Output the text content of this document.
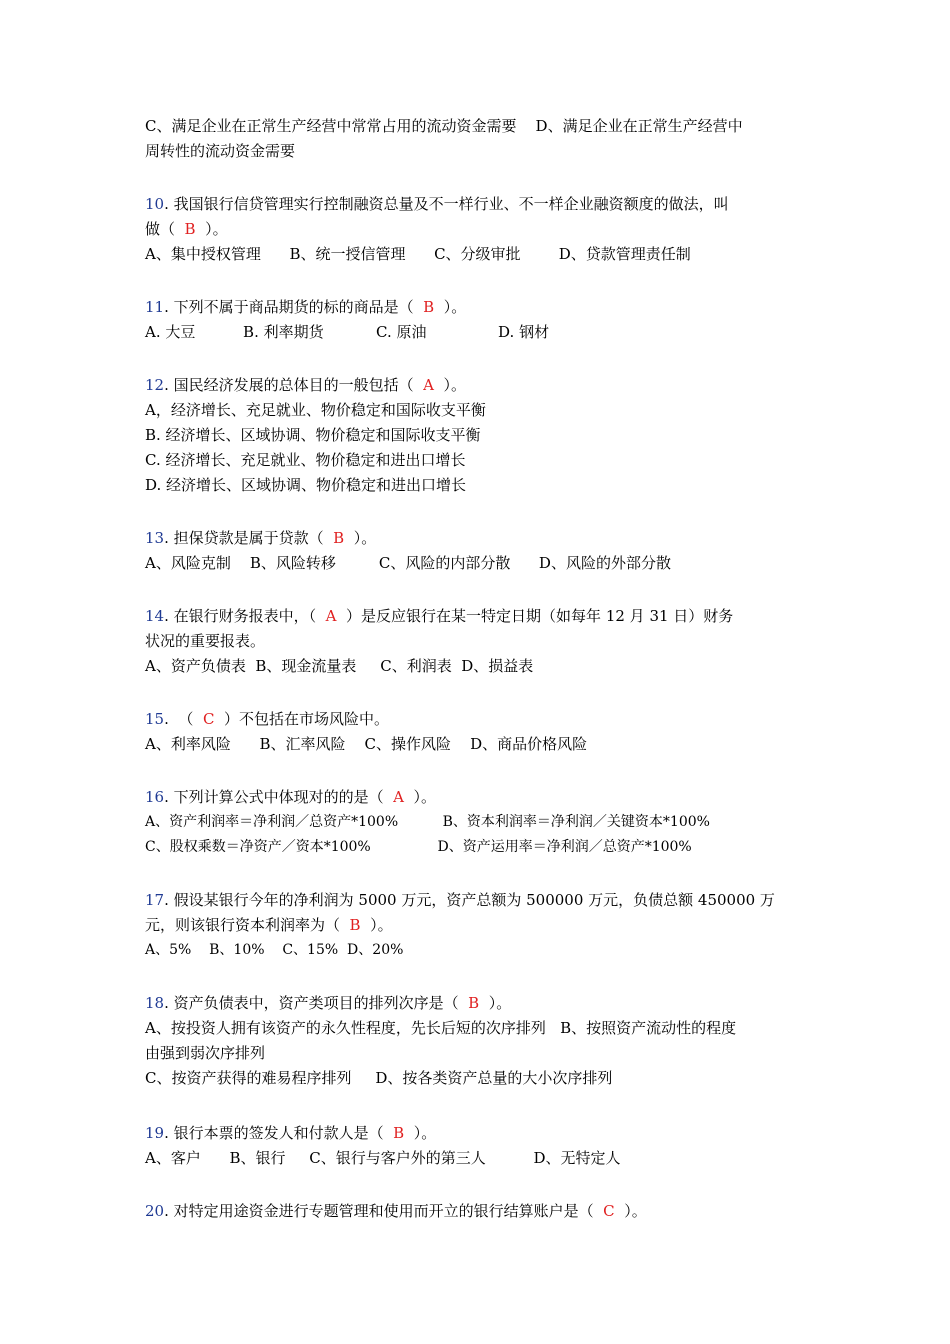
C、满足企业在正常生产经营中常常占用的流动资金需要    D、满足企业在正常生产经营中
周转性的流动资金需要
10. 我国银行信贷管理实行控制融资总量及不一样行业、不一样企业融资额度的做法，叫
做（  B  ）。
A、集中授权管理      B、统一授信管理      C、分级审批        D、贷款管理责任制
11. 下列不属于商品期货的标的商品是（  B  ）。
A. 大豆          B. 利率期货           C. 原油               D. 钢材
12. 国民经济发展的总体目的一般包括（  A  ）。
A，经济增长、充足就业、物价稳定和国际收支平衡
B. 经济增长、区域协调、物价稳定和国际收支平衡
C. 经济增长、充足就业、物价稳定和进出口增长
D. 经济增长、区域协调、物价稳定和进出口增长
13. 担保贷款是属于贷款（  B  ）。
A、风险克制    B、风险转移         C、风险的内部分散      D、风险的外部分散
14. 在银行财务报表中，（  A  ）是反应银行在某一特定日期（如每年 12 月 31 日）财务
状况的重要报表。
A、资产负债表  B、现金流量表     C、利润表  D、损益表
15.  （  C  ）不包括在市场风险中。
A、利率风险      B、汇率风险    C、操作风险    D、商品价格风险
16. 下列计算公式中体现对的的是（  A  ）。
A、资产利润率＝净利润／总资产*100%          B、资本利润率＝净利润／关键资本*100%
C、股权乘数＝净资产／资本*100%               D、资产运用率＝净利润／总资产*100%
17. 假设某银行今年的净利润为 5000 万元，资产总额为 500000 万元，负债总额 450000 万
元，则该银行资本利润率为（  B  ）。
A、5%    B、10%    C、15%  D、20%
18. 资产负债表中，资产类项目的排列次序是（  B  ）。
A、按投资人拥有该资产的永久性程度，先长后短的次序排列   B、按照资产流动性的程度
由强到弱次序排列
C、按资产获得的难易程序排列     D、按各类资产总量的大小次序排列
19. 银行本票的签发人和付款人是（  B  ）。
A、客户      B、银行     C、银行与客户外的第三人          D、无特定人
20. 对特定用途资金进行专题管理和使用而开立的银行结算账户是（  C  ）。
